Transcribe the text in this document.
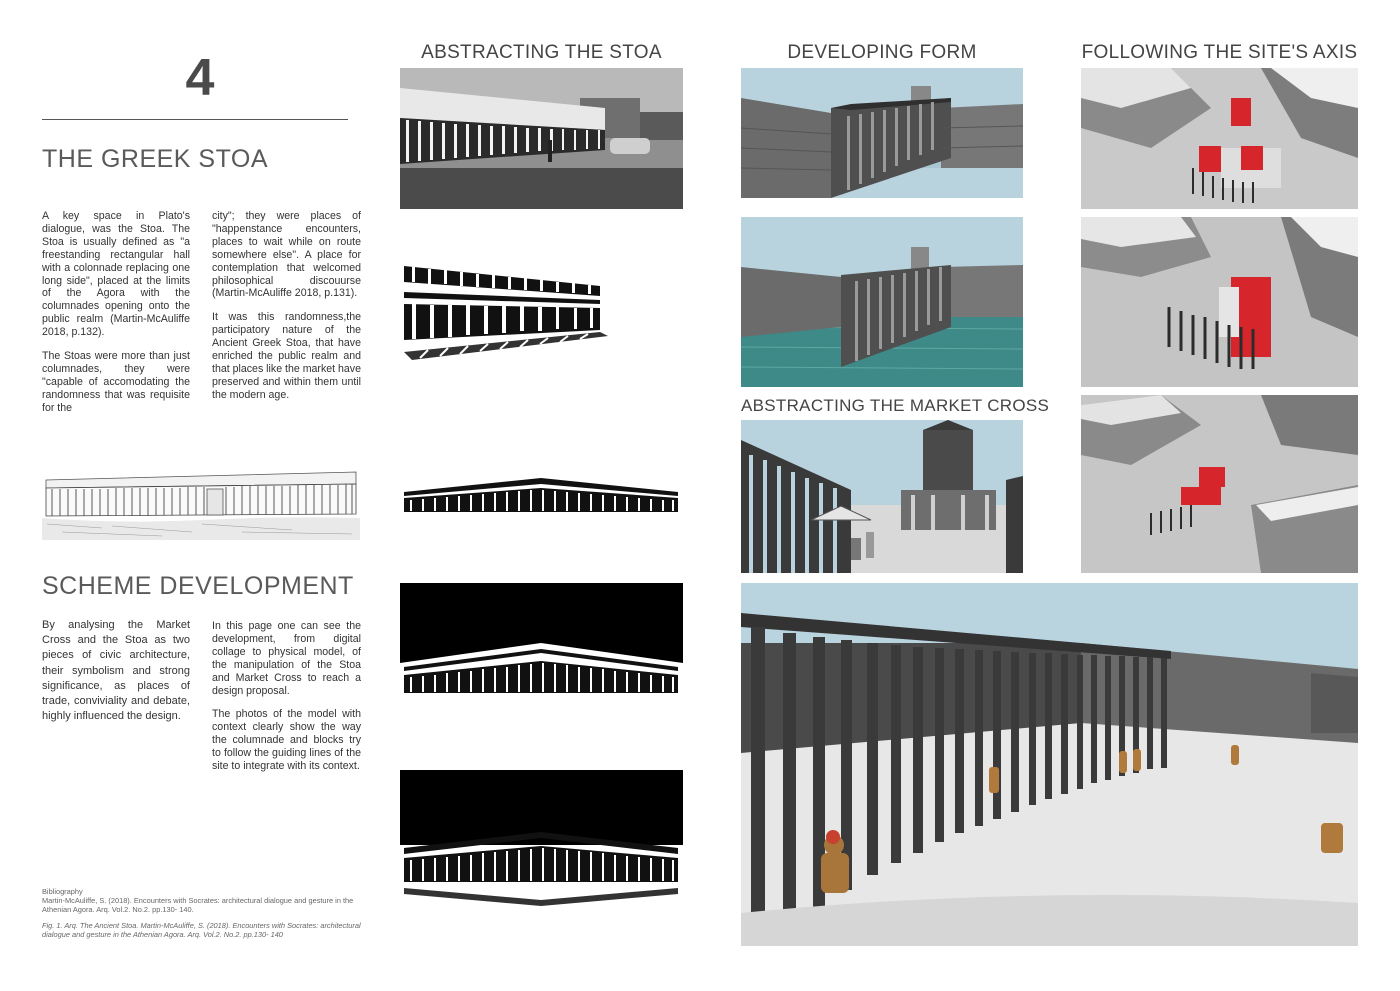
4
THE GREEK STOA

A key space in Plato's dialogue, was the Stoa. The Stoa is usually defined as "a freestanding rectangular hall with a colonnade replacing one long side", placed at the limits of the Agora with the columnades opening onto the public realm (Martin-McAuliffe 2018, p.132).

The Stoas were more than just columnades, they were "capable of accomodating the randomness that was requisite for the

city"; they were places of "happenstance encounters, places to wait while on route somewhere else". A place for contemplation that welcomed philosophical discouurse (Martin-McAuliffe 2018, p.131).

It was this randomness,the participatory nature of the Ancient Greek Stoa, that have enriched the public realm and that places like the market have preserved and within them until the modern age.

SCHEME DEVELOPMENT

By analysing the Market Cross and the Stoa as two pieces of civic architecture, their symbolism and strong significance, as places of trade, conviviality and debate, highly influenced the design.

In this page one can see the development, from digital collage to physical model, of the manipulation of the Stoa and Market Cross to reach a design proposal.

The photos of the model with context clearly show the way the columnade and blocks try to follow the guiding lines of the site to integrate with its context.

Bibliography

Martin-McAuliffe, S. (2018). Encounters with Socrates: architectural dialogue and gesture in the Athenian Agora. Arq. Vol.2. No.2. pp.130- 140.

Fig. 1. Arq. The Ancient Stoa. Martin-McAuliffe, S. (2018). Encounters with Socrates: architectural dialogue and gesture in the Athenian Agora. Arq. Vol.2. No.2. pp.130- 140

ABSTRACTING THE STOA	DEVELOPING FORM
ABSTRACTING THE MARKET CROSS
FOLLOWING THE SITE'S AXIS
